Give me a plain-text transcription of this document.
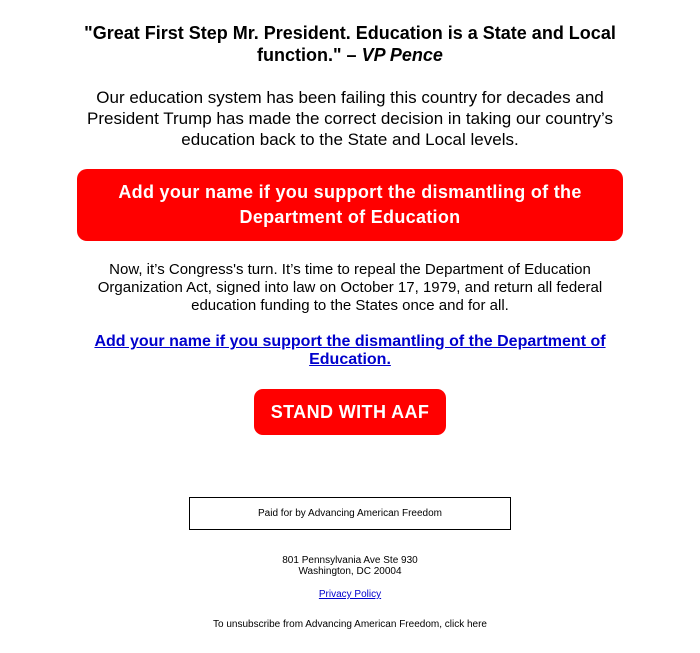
"Great First Step Mr. President. Education is a State and Local function." – VP Pence

Our education system has been failing this country for decades and President Trump has made the correct decision in taking our country’s education back to the State and Local levels.

Add your name if you support the dismantling of the Department of Education

Now, it’s Congress's turn. It’s time to repeal the Department of Education Organization Act, signed into law on October 17, 1979, and return all federal education funding to the States once and for all.

Add your name if you support the dismantling of the Department of Education.
STAND WITH AAF
Paid for by Advancing American Freedom
801 Pennsylvania Ave Ste 930
Washington, DC 20004
Privacy Policy
To unsubscribe from Advancing American Freedom, click here
